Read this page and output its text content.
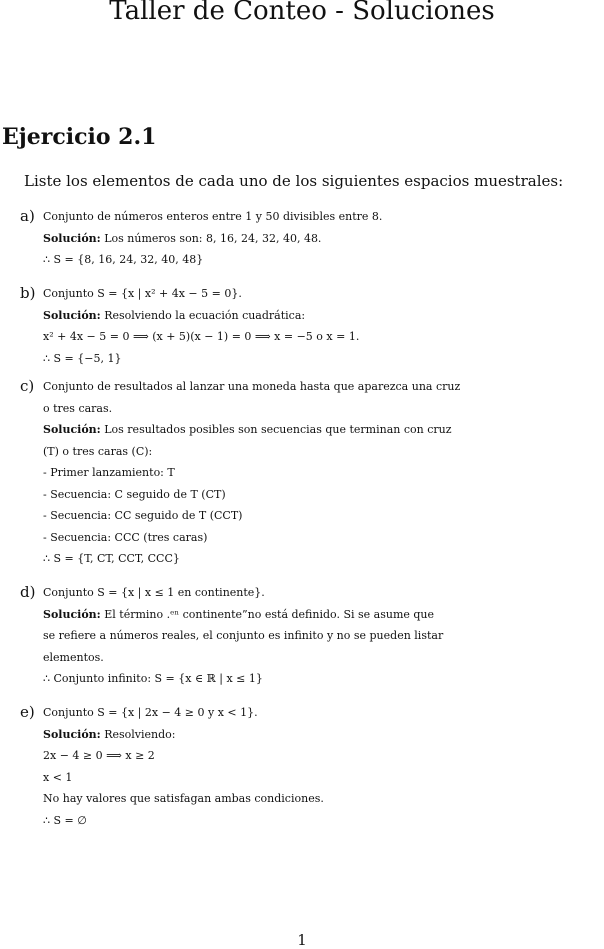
Taller de Conteo - Soluciones
Ejercicio 2.1

Liste los elementos de cada uno de los siguientes espacios muestrales:

a) Conjunto de números enteros entre 1 y 50 divisibles entre 8.
Solución: Los números son: 8, 16, 24, 32, 40, 48.
∴ S = {8, 16, 24, 32, 40, 48}
b) Conjunto S = {x | x² + 4x − 5 = 0}.
Solución: Resolviendo la ecuación cuadrática:
x² + 4x − 5 = 0 ⟹ (x + 5)(x − 1) = 0 ⟹ x = −5 o x = 1.
∴ S = {−5, 1}
c) Conjunto de resultados al lanzar una moneda hasta que aparezca una cruz
o tres caras.
Solución: Los resultados posibles son secuencias que terminan con cruz
(T) o tres caras (C):
- Primer lanzamiento: T
- Secuencia: C seguido de T (CT)
- Secuencia: CC seguido de T (CCT)
- Secuencia: CCC (tres caras)
∴ S = {T, CT, CCT, CCC}
d) Conjunto S = {x | x ≤ 1 en continente}.
Solución: El término .ᵉⁿ continente”no está definido. Si se asume que
se refiere a números reales, el conjunto es infinito y no se pueden listar
elementos.
∴ Conjunto infinito: S = {x ∈ ℝ | x ≤ 1}
e) Conjunto S = {x | 2x − 4 ≥ 0 y x < 1}.
Solución: Resolviendo:
2x − 4 ≥ 0 ⟹ x ≥ 2
x < 1
No hay valores que satisfagan ambas condiciones.
∴ S = ∅
1
